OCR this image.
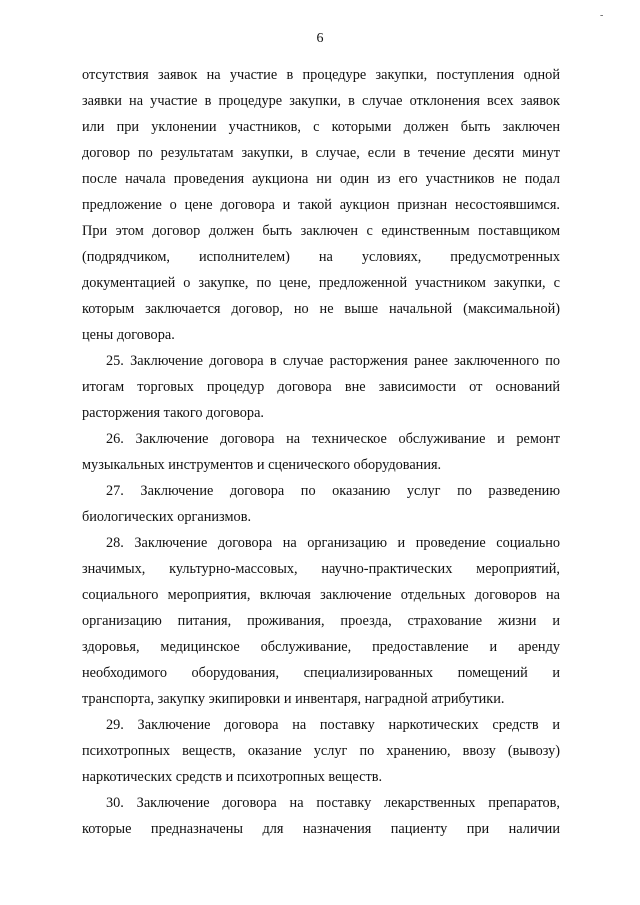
-
6
отсутствия заявок на участие в процедуре закупки, поступления одной
заявки на участие в процедуре закупки, в случае отклонения всех заявок
или при уклонении участников, с которыми должен быть заключен
договор по результатам закупки, в случае, если в течение десяти минут
после начала проведения аукциона ни один из его участников не подал
предложение о цене договора и такой аукцион признан несостоявшимся.
При этом договор должен быть заключен с единственным поставщиком
(подрядчиком, исполнителем) на условиях, предусмотренных
документацией о закупке, по цене, предложенной участником закупки, с
которым заключается договор, но не выше начальной (максимальной)
цены договора.
25. Заключение договора в случае расторжения ранее заключенного по
итогам торговых процедур договора вне зависимости от оснований
расторжения такого договора.
26. Заключение договора на техническое обслуживание и ремонт
музыкальных инструментов и сценического оборудования.
27. Заключение договора по оказанию услуг по разведению
биологических организмов.
28. Заключение договора на организацию и проведение социально
значимых, культурно-массовых, научно-практических мероприятий,
социального мероприятия, включая заключение отдельных договоров на
организацию питания, проживания, проезда, страхование жизни и
здоровья, медицинское обслуживание, предоставление и аренду
необходимого оборудования, специализированных помещений и
транспорта, закупку экипировки и инвентаря, наградной атрибутики.
29. Заключение договора на поставку наркотических средств и
психотропных веществ, оказание услуг по хранению, ввозу (вывозу)
наркотических средств и психотропных веществ.
30. Заключение договора на поставку лекарственных препаратов,
которые предназначены для назначения пациенту при наличии
